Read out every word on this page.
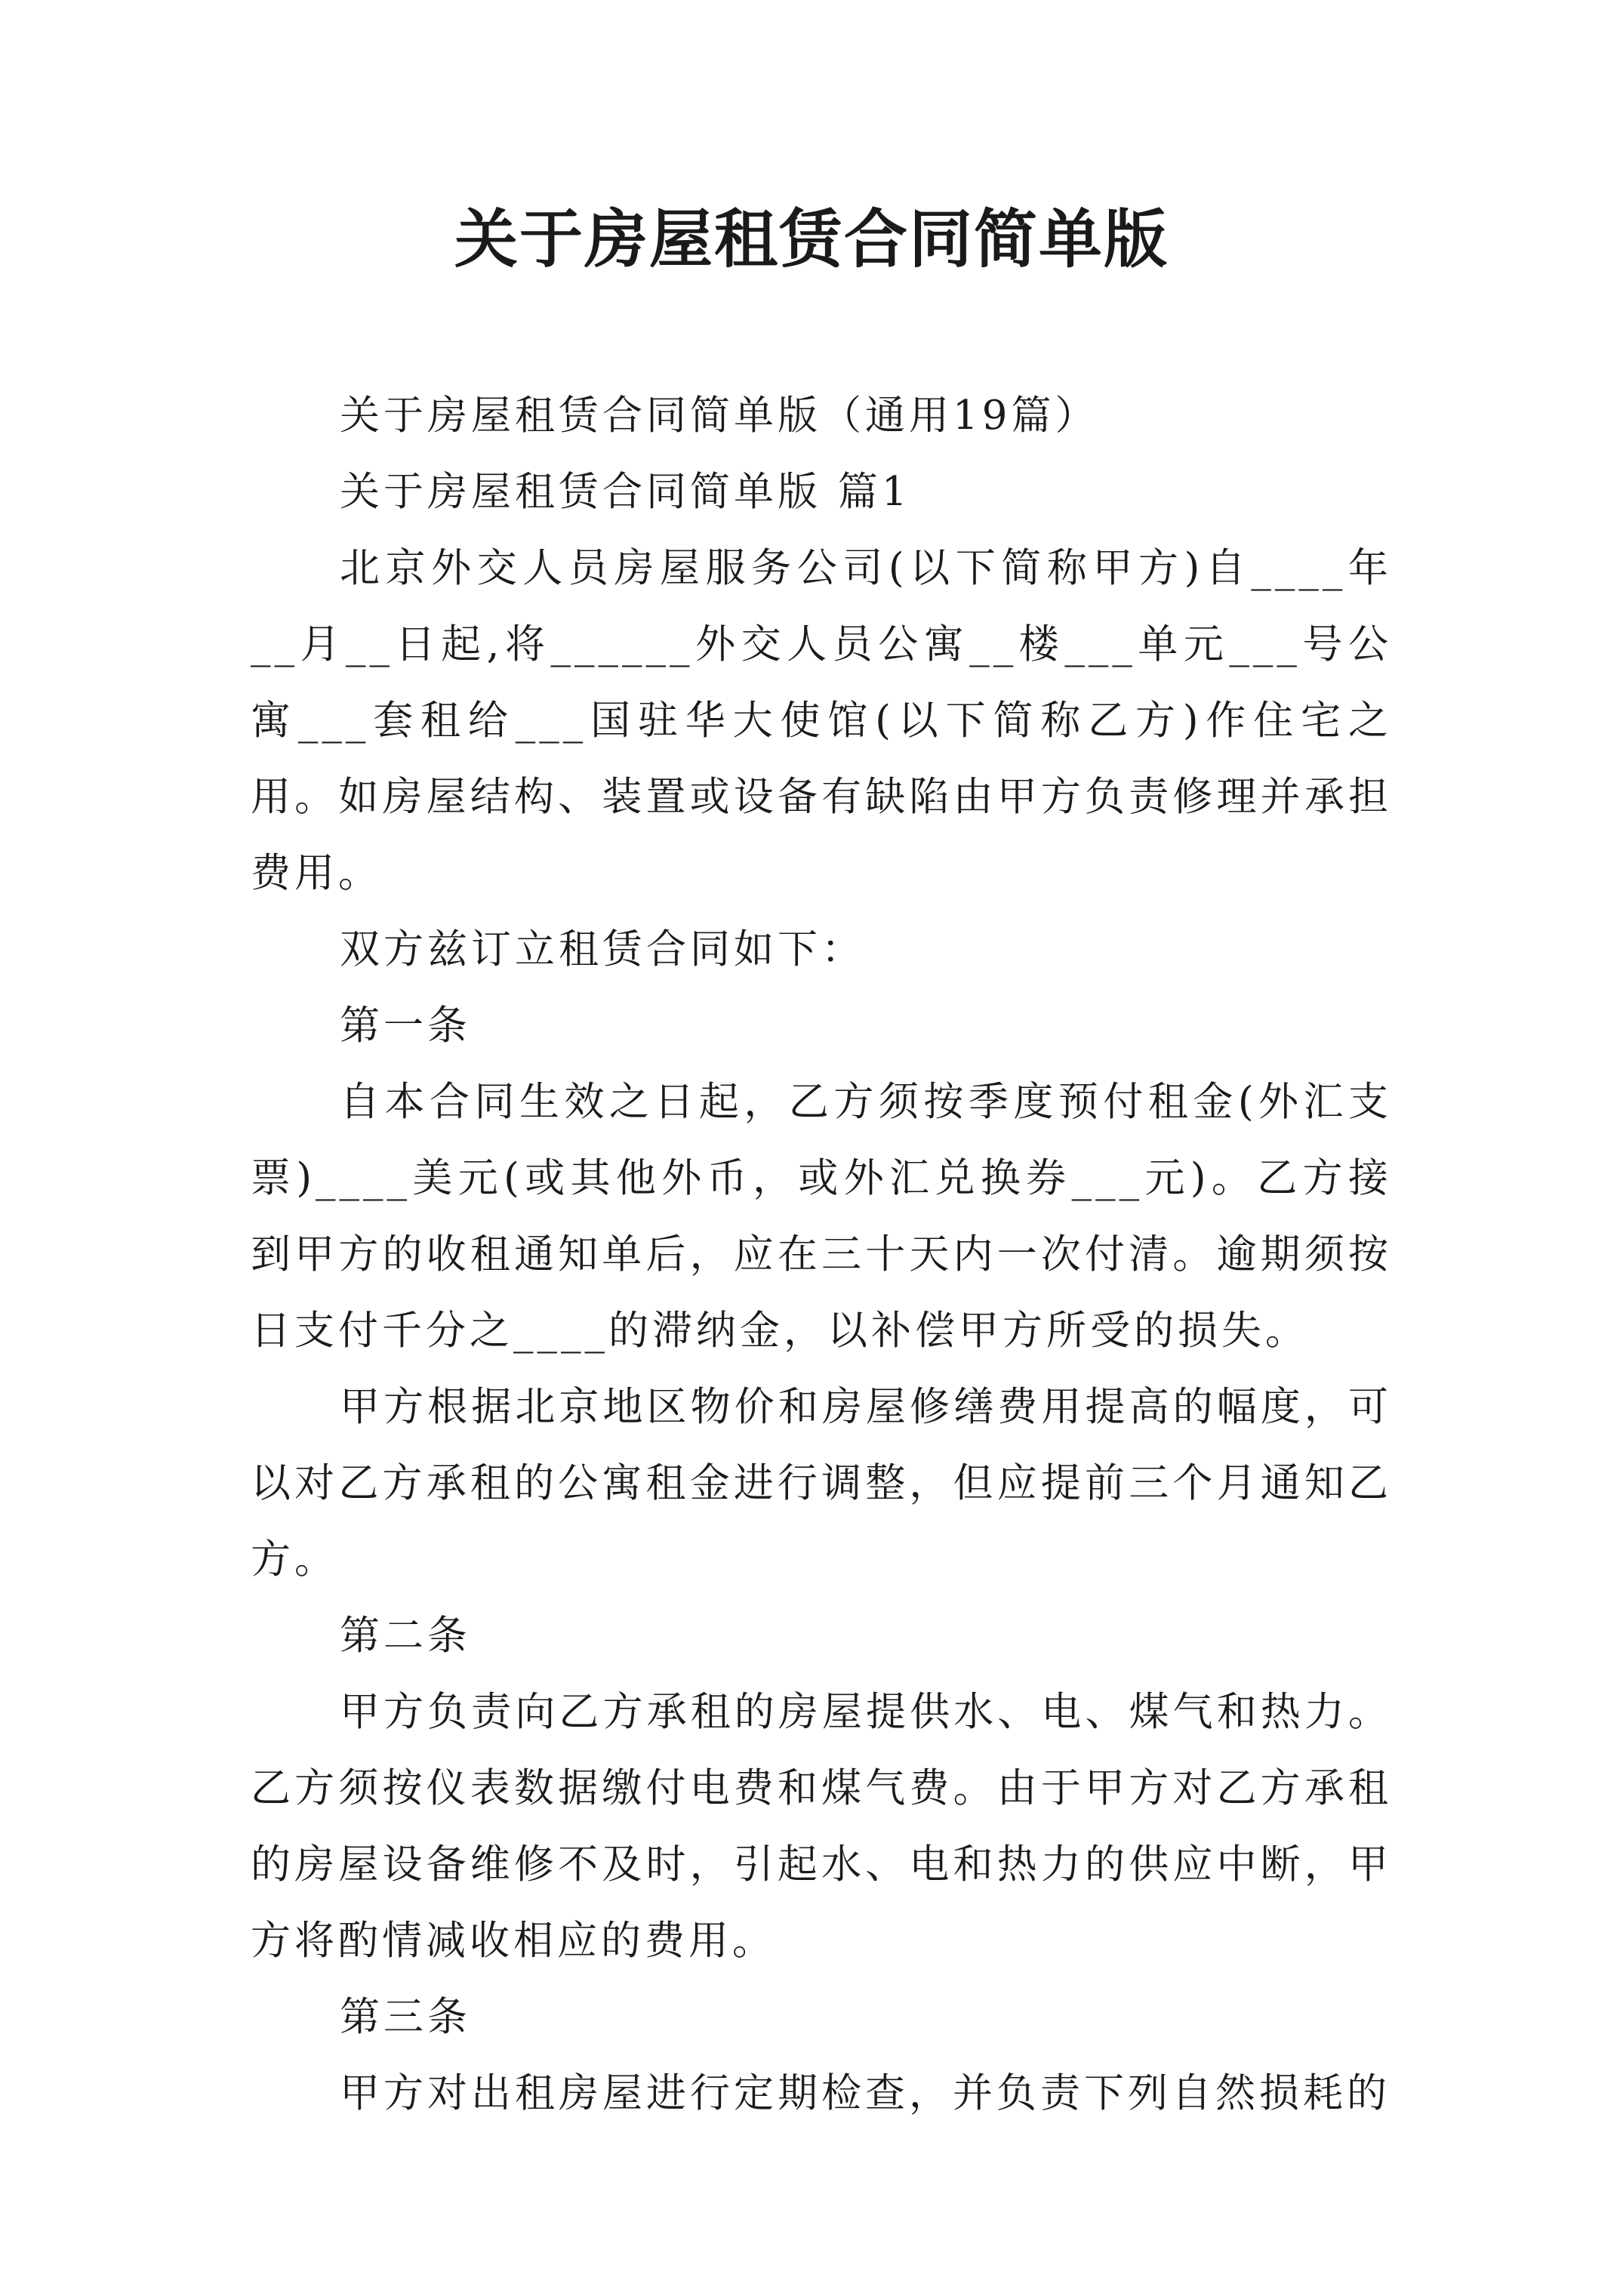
关于房屋租赁合同简单版

关于房屋租赁合同简单版（通用19篇）

关于房屋租赁合同简单版 篇1

北京外交人员房屋服务公司(以下简称甲方)自____年__月__日起,将______外交人员公寓__楼___单元___号公寓___套租给___国驻华大使馆(以下简称乙方)作住宅之用。如房屋结构、装置或设备有缺陷由甲方负责修理并承担费用。

双方兹订立租赁合同如下：

第一条

自本合同生效之日起，乙方须按季度预付租金(外汇支票)____美元(或其他外币，或外汇兑换券___元)。乙方接到甲方的收租通知单后，应在三十天内一次付清。逾期须按日支付千分之____的滞纳金，以补偿甲方所受的损失。

甲方根据北京地区物价和房屋修缮费用提高的幅度，可以对乙方承租的公寓租金进行调整，但应提前三个月通知乙方。

第二条

甲方负责向乙方承租的房屋提供水、电、煤气和热力。乙方须按仪表数据缴付电费和煤气费。由于甲方对乙方承租的房屋设备维修不及时，引起水、电和热力的供应中断，甲方将酌情减收相应的费用。

第三条

甲方对出租房屋进行定期检查，并负责下列自然损耗的
